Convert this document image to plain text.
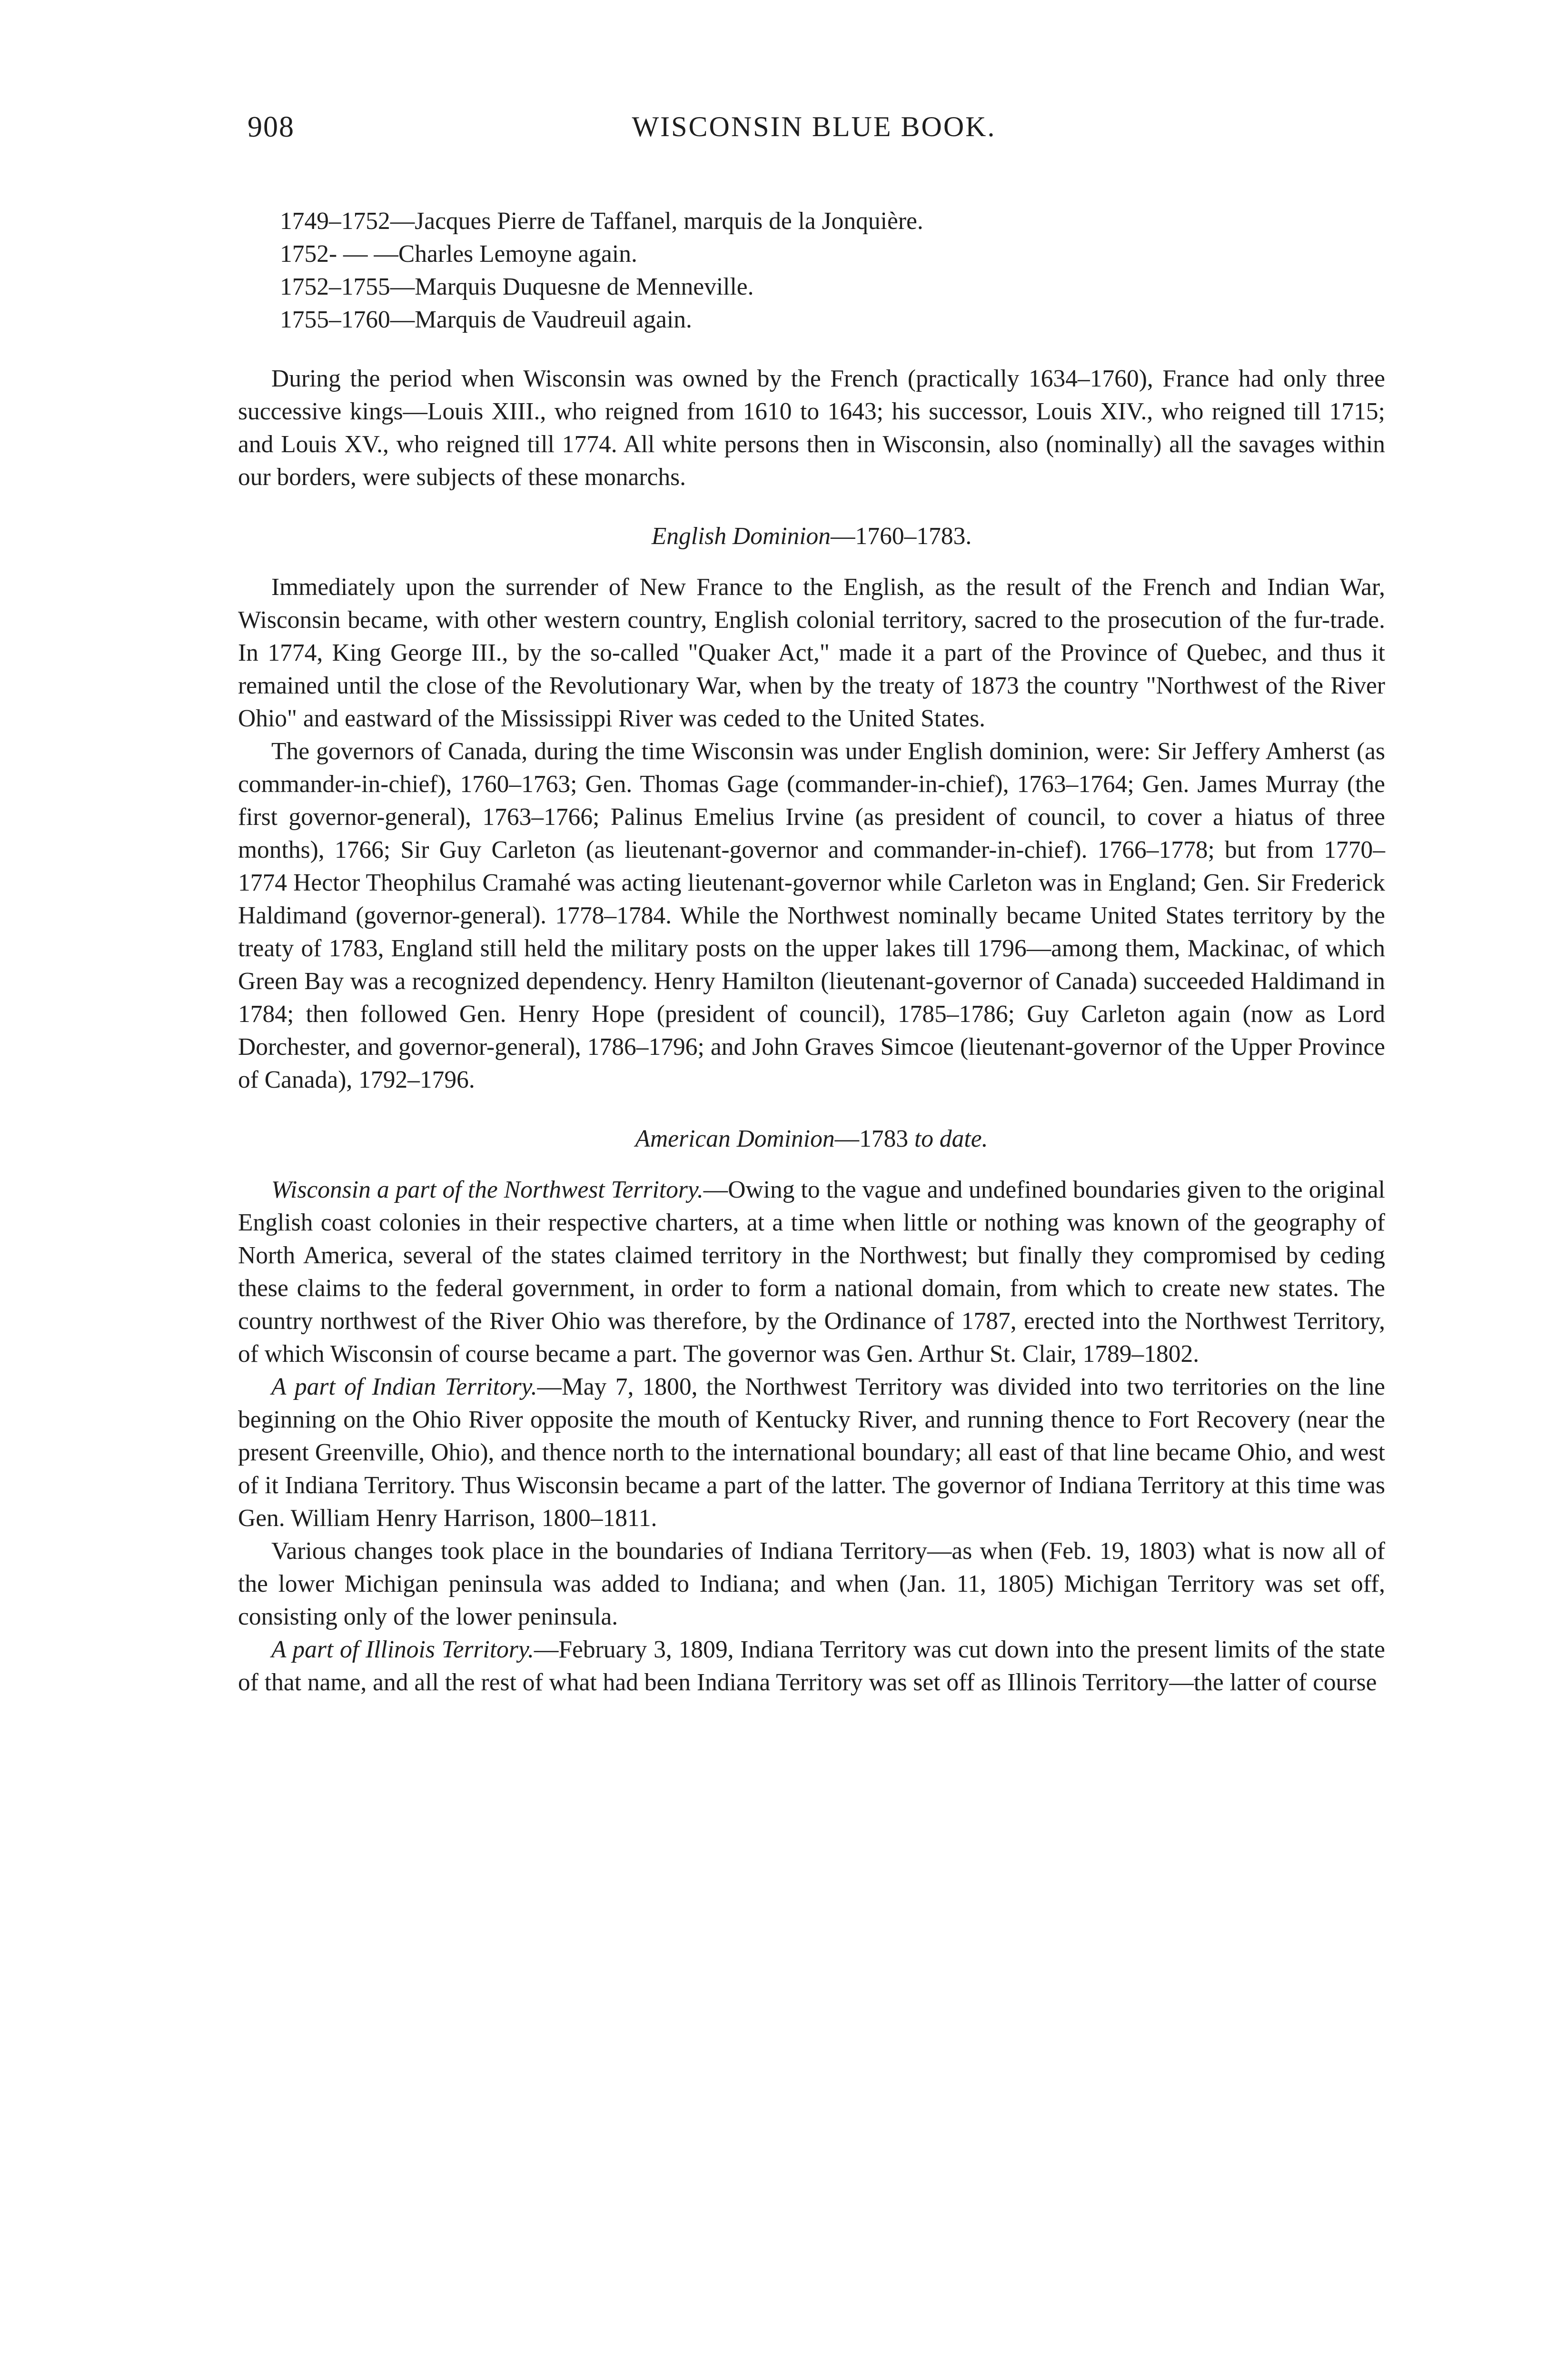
908	WISCONSIN BLUE BOOK.
1749–1752—Jacques Pierre de Taffanel, marquis de la Jonquière.
1752- — —Charles Lemoyne again.
1752–1755—Marquis Duquesne de Menneville.
1755–1760—Marquis de Vaudreuil again.

During the period when Wisconsin was owned by the French (practically 1634–1760), France had only three successive kings—Louis XIII., who reigned from 1610 to 1643; his successor, Louis XIV., who reigned till 1715; and Louis XV., who reigned till 1774. All white persons then in Wisconsin, also (nominally) all the savages within our borders, were subjects of these monarchs.

English Dominion—1760–1783.

Immediately upon the surrender of New France to the English, as the result of the French and Indian War, Wisconsin became, with other western country, English colonial territory, sacred to the prosecution of the fur-trade. In 1774, King George III., by the so-called "Quaker Act," made it a part of the Province of Quebec, and thus it remained until the close of the Revolutionary War, when by the treaty of 1873 the country "Northwest of the River Ohio" and eastward of the Mississippi River was ceded to the United States.

The governors of Canada, during the time Wisconsin was under English dominion, were: Sir Jeffery Amherst (as commander-in-chief), 1760–1763; Gen. Thomas Gage (commander-in-chief), 1763–1764; Gen. James Murray (the first governor-general), 1763–1766; Palinus Emelius Irvine (as president of council, to cover a hiatus of three months), 1766; Sir Guy Carleton (as lieutenant-governor and commander-in-chief). 1766–1778; but from 1770–1774 Hector Theophilus Cramahé was acting lieutenant-governor while Carleton was in England; Gen. Sir Frederick Haldimand (governor-general). 1778–1784. While the Northwest nominally became United States territory by the treaty of 1783, England still held the military posts on the upper lakes till 1796—among them, Mackinac, of which Green Bay was a recognized dependency. Henry Hamilton (lieutenant-governor of Canada) succeeded Haldimand in 1784; then followed Gen. Henry Hope (president of council), 1785–1786; Guy Carleton again (now as Lord Dorchester, and governor-general), 1786–1796; and John Graves Simcoe (lieutenant-governor of the Upper Province of Canada), 1792–1796.

American Dominion—1783 to date.

Wisconsin a part of the Northwest Territory.—Owing to the vague and undefined boundaries given to the original English coast colonies in their respective charters, at a time when little or nothing was known of the geography of North America, several of the states claimed territory in the Northwest; but finally they compromised by ceding these claims to the federal government, in order to form a national domain, from which to create new states. The country northwest of the River Ohio was therefore, by the Ordinance of 1787, erected into the Northwest Territory, of which Wisconsin of course became a part. The governor was Gen. Arthur St. Clair, 1789–1802.

A part of Indian Territory.—May 7, 1800, the Northwest Territory was divided into two territories on the line beginning on the Ohio River opposite the mouth of Kentucky River, and running thence to Fort Recovery (near the present Greenville, Ohio), and thence north to the international boundary; all east of that line became Ohio, and west of it Indiana Territory. Thus Wisconsin became a part of the latter. The governor of Indiana Territory at this time was Gen. William Henry Harrison, 1800–1811.

Various changes took place in the boundaries of Indiana Territory—as when (Feb. 19, 1803) what is now all of the lower Michigan peninsula was added to Indiana; and when (Jan. 11, 1805) Michigan Territory was set off, consisting only of the lower peninsula.

A part of Illinois Territory.—February 3, 1809, Indiana Territory was cut down into the present limits of the state of that name, and all the rest of what had been Indiana Territory was set off as Illinois Territory—the latter of course
